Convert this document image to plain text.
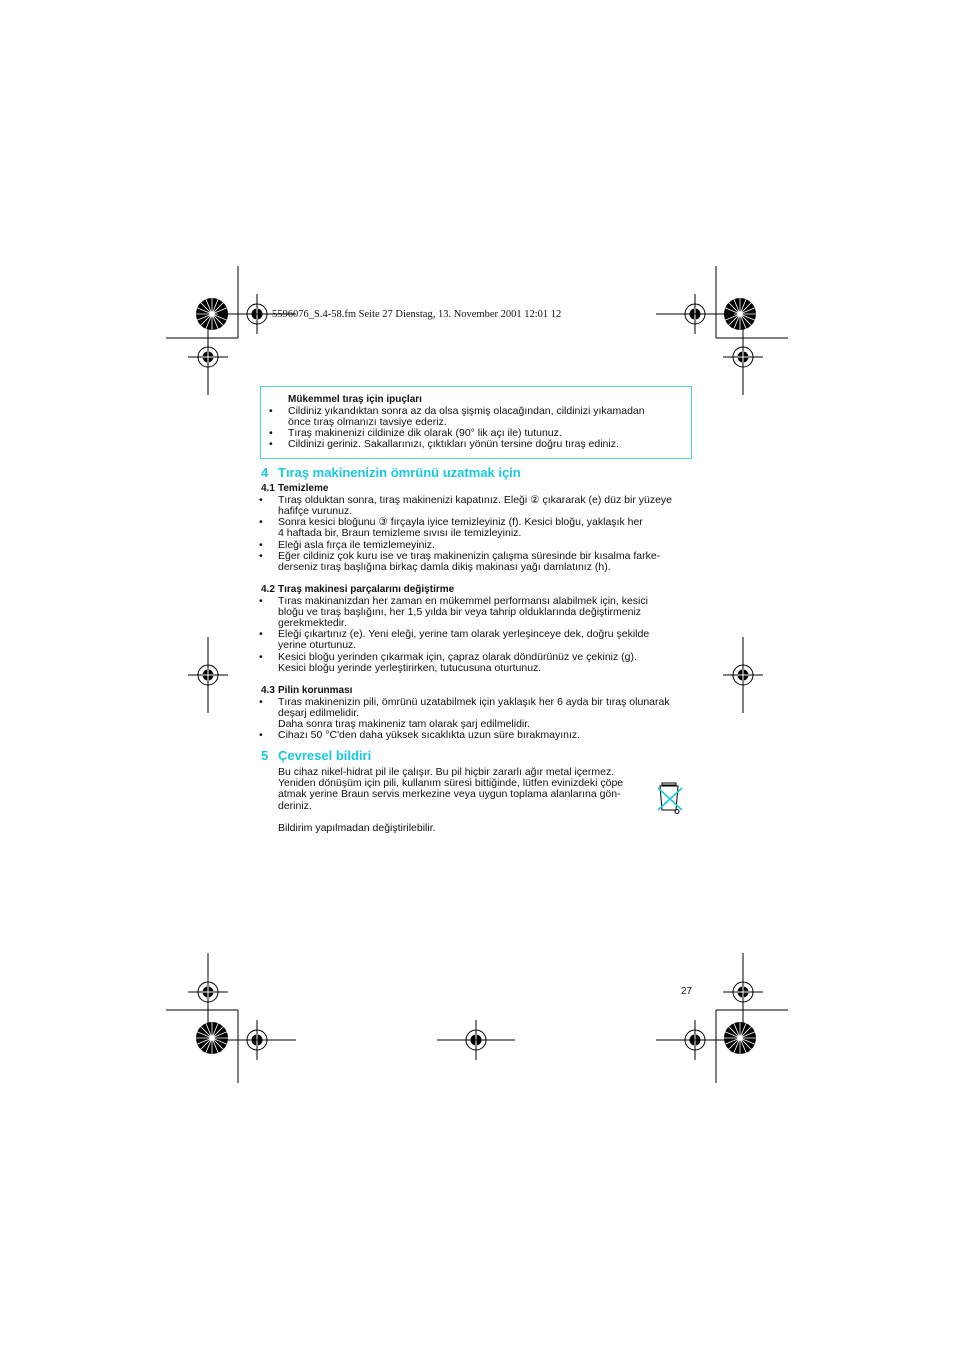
5596076_S.4-58.fm Seite 27 Dienstag, 13. November 2001 12:01 12
Mükemmel tıraş için ipuçları
• Cildiniz yıkandıktan sonra az da olsa şişmiş olacağından, cildinizi yıkamadan
önce tıraş olmanızı tavsiye ederiz.
• Tıraş makinenizi cildinize dik olarak (90° lik açı ile) tutunuz.
• Cildinizi geriniz. Sakallarınızı, çıktıkları yönün tersine doğru tıraş ediniz.
4 Tıraş makinenizin ömrünü uzatmak için
4.1 Temizleme
• Tıraş olduktan sonra, tıraş makinenizi kapatınız. Eleği ② çıkararak (e) düz bir yüzeye
hafifçe vurunuz.
• Sonra kesici bloğunu ③ fırçayla iyice temizleyiniz (f). Kesici bloğu, yaklaşık her
4 haftada bir, Braun temizleme sıvısı ile temizleyiniz.
• Eleği asla fırça ile temizlemeyiniz.
• Eğer cildiniz çok kuru ise ve tıraş makinenizin çalışma süresinde bir kısalma farke-
derseniz tıraş başlığına birkaç damla dikiş makinası yağı damlatınız (h).
4.2 Tıraş makinesi parçalarını değiştirme
• Tıras makinanizdan her zaman en mükemmel performansı alabilmek için, kesici
bloğu ve tıraş başlığını, her 1,5 yılda bir veya tahrip olduklarında değiştirmeniz
gerekmektedir.
• Eleği çıkartınız (e). Yeni eleği, yerine tam olarak yerleşinceye dek, doğru şekilde
yerine oturtunuz.
• Kesici bloğu yerinden çıkarmak için, çapraz olarak döndürünüz ve çekiniz (g).
Kesici bloğu yerinde yerleştirirken, tutucusuna oturtunuz.
4.3 Pilin korunması
• Tıras makinenizin pili, ömrünü uzatabilmek için yaklaşık her 6 ayda bir tıraş olunarak
deşarj edilmelidir.
Daha sonra tıraş makineniz tam olarak şarj edilmelidir.
• Cihazı 50 °C'den daha yüksek sıcaklıkta uzun süre bırakmayınız.
5 Çevresel bildiri
Bu cihaz nikel-hidrat pil ile çalışır. Bu pil hiçbir zararlı ağır metal içermez.
Yeniden dönüşüm için pili, kullanım süresi bittiğinde, lütfen evinizdeki çöpe
atmak yerine Braun servis merkezine veya uygun toplama alanlarına gön-
deriniz.
Bildirim yapılmadan değiştirilebilir.
27
